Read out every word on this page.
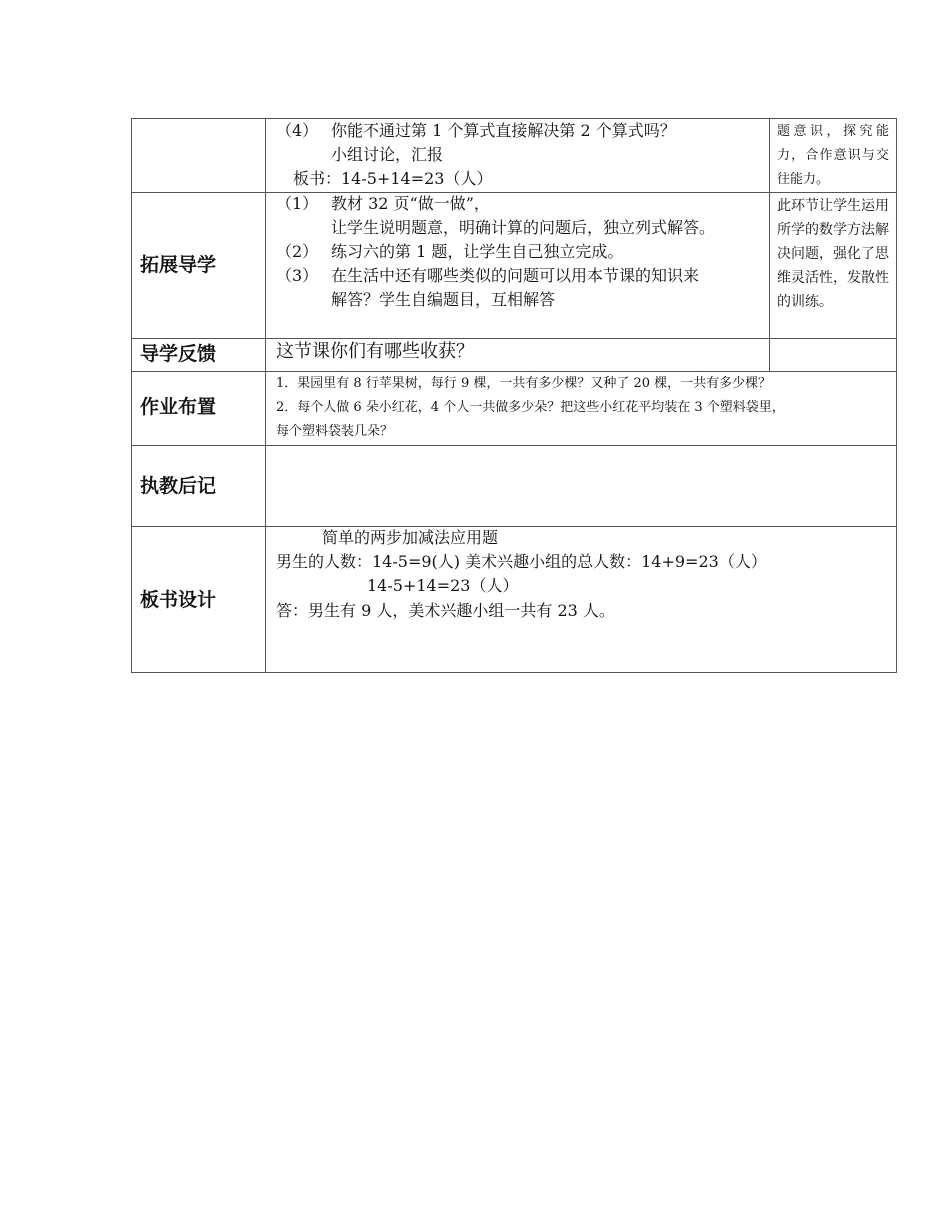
（4） 你能不通过第 1 个算式直接解决第 2 个算式吗？
小组讨论，汇报
板书：14-5+14=23（人）
题意识，探究能力，合作意识与交往能力。
拓展导学
（1） 教材 32 页“做一做”，
让学生说明题意，明确计算的问题后，独立列式解答。
（2） 练习六的第 1 题，让学生自己独立完成。
（3） 在生活中还有哪些类似的问题可以用本节课的知识来
解答？学生自编题目，互相解答
此环节让学生运用所学的数学方法解决问题，强化了思维灵活性，发散性的训练。
导学反馈	这节课你们有哪些收获？
作业布置
1．果园里有 8 行苹果树，每行 9 棵，一共有多少棵？又种了 20 棵，一共有多少棵？
2．每个人做 6 朵小红花，4 个人一共做多少朵？把这些小红花平均装在 3 个塑料袋里，
每个塑料袋装几朵？
执教后记
板书设计
简单的两步加减法应用题
男生的人数：14-5=9(人) 美术兴趣小组的总人数：14+9=23（人）
14-5+14=23（人）
答：男生有 9 人，美术兴趣小组一共有 23 人。
